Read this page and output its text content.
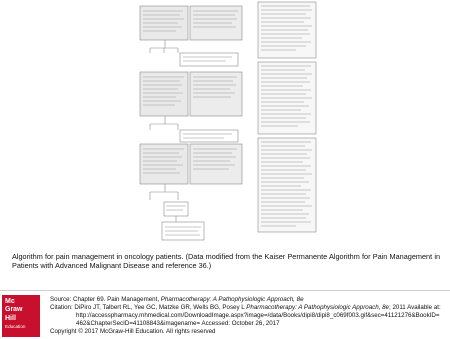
Algorithm for pain management in oncology patients. (Data modified from the Kaiser Permanente Algorithm for Pain Management in Patients with Advanced Malignant Disease and reference 36.)
Mc
Graw
Hill
Education
Source: Chapter 69. Pain Management, Pharmacotherapy: A Pathophysiologic Approach, 8e
Citation: DiPiro JT, Talbert RL, Yee GC, Matzke GR, Wells BG, Posey L Pharmacotherapy: A Pathophysiologic Approach, 8e; 2011 Available at:
http://accesspharmacy.mhmedical.com/DownloadImage.aspx?image=/data/Books/dipi8/dipi8_c069f003.gif&sec=41121276&BookID=462&ChapterSecID=41108843&imagename= Accessed: October 26, 2017
Copyright © 2017 McGraw-Hill Education. All rights reserved
